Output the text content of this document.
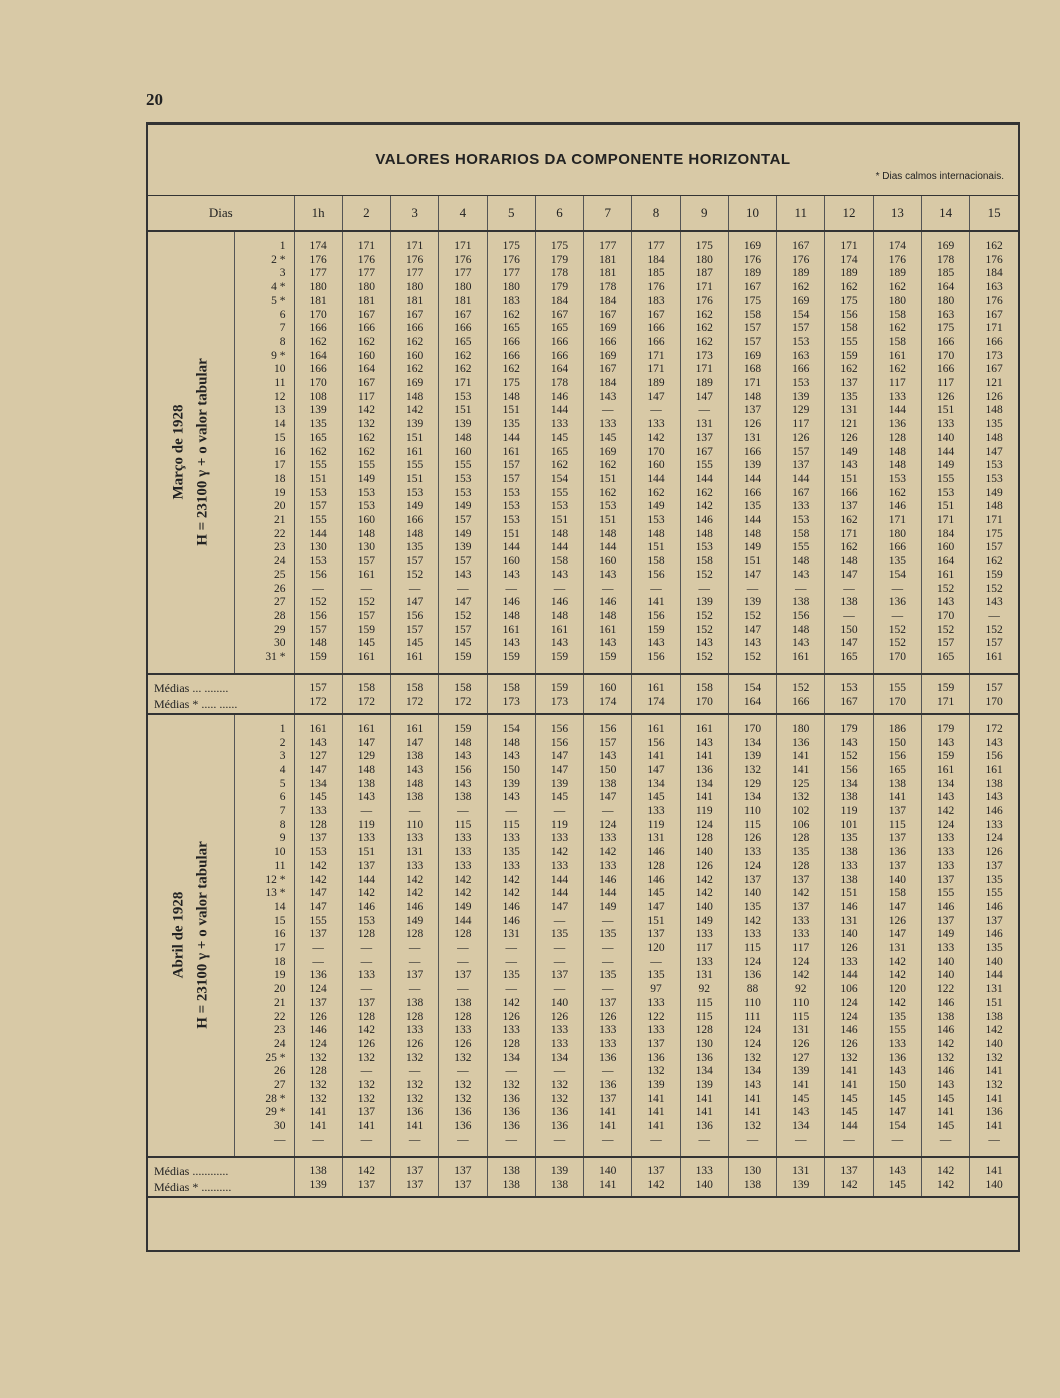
20
VALORES HORARIOS DA COMPONENTE HORIZONTAL
* Dias calmos internacionais.
Dias		1h	2	3	4	5	6	7	8	9	10	11	12	13	14	15

Março de 1928 H = 23100 γ + o valor tabular																

	1	174	171	171	171	175	175	177	177	175	169	167	171	174	169	162
	2 *	176	176	176	176	176	179	181	184	180	176	176	174	176	178	176
	3	177	177	177	177	177	178	181	185	187	189	189	189	189	185	184
	4 *	180	180	180	180	180	179	178	176	171	167	162	162	162	164	163
	5 *	181	181	181	181	183	184	184	183	176	175	169	175	180	180	176
	6	170	167	167	167	162	167	167	167	162	158	154	156	158	163	167
	7	166	166	166	166	165	165	169	166	162	157	157	158	162	175	171
	8	162	162	162	165	166	166	166	166	162	157	153	155	158	166	166
	9 *	164	160	160	162	166	166	169	171	173	169	163	159	161	170	173
	10	166	164	162	162	162	164	167	171	171	168	166	162	162	166	167
	11	170	167	169	171	175	178	184	189	189	171	153	137	117	117	121
	12	108	117	148	153	148	146	143	147	147	148	139	135	133	126	126
	13	139	142	142	151	151	144	—	—	—	137	129	131	144	151	148
	14	135	132	139	139	135	133	133	133	131	126	117	121	136	133	135
	15	165	162	151	148	144	145	145	142	137	131	126	126	128	140	148
	16	162	162	161	160	161	165	169	170	167	166	157	149	148	144	147
	17	155	155	155	155	157	162	162	160	155	139	137	143	148	149	153
	18	151	149	151	153	157	154	151	144	144	144	144	151	153	155	153
	19	153	153	153	153	153	155	162	162	162	166	167	166	162	153	149
	20	157	153	149	149	153	153	153	149	142	135	133	137	146	151	148
	21	155	160	166	157	153	151	151	153	146	144	153	162	171	171	171
	22	144	148	148	149	151	148	148	148	148	148	158	171	180	184	175
	23	130	130	135	139	144	144	144	151	153	149	155	162	166	160	157
	24	153	157	157	157	160	158	160	158	158	151	148	148	135	164	162
	25	156	161	152	143	143	143	143	156	152	147	143	147	154	161	159
	26	—	—	—	—	—	—	—	—	—	—	—	—	—	152	152
	27	152	152	147	147	146	146	146	141	139	139	138	138	136	143	143
	28	156	157	156	152	148	148	148	156	152	152	156	—	—	170	—
	29	157	159	157	157	161	161	161	159	152	147	148	150	152	152	152
	30	148	145	145	145	143	143	143	143	143	143	143	147	152	157	157
	31 *	159	161	161	159	159	159	159	156	152	152	161	165	170	165	161

Médias ... ........		157	158	158	158	158	159	160	161	158	154	152	153	155	159	157
Médias * ..... ......		172	172	172	172	173	173	174	174	170	164	166	167	170	171	170

Abril de 1928 H = 23100 γ + o valor tabular																

	1	161	161	161	159	154	156	156	161	161	170	180	179	186	179	172
	2	143	147	147	148	148	156	157	156	143	134	136	143	150	143	143
	3	127	129	138	143	143	147	143	141	141	139	141	152	156	159	156
	4	147	148	143	156	150	147	150	147	136	132	141	156	165	161	161
	5	134	138	148	143	139	139	138	134	134	129	125	134	138	134	138
	6	145	143	138	138	143	145	147	145	141	134	132	138	141	143	143
	7	133	—	—	—	—	—	—	133	119	110	102	119	137	142	146
	8	128	119	110	115	115	119	124	119	124	115	106	101	115	124	133
	9	137	133	133	133	133	133	133	131	128	126	128	135	137	133	124
	10	153	151	131	133	135	142	142	146	140	133	135	138	136	133	126
	11	142	137	133	133	133	133	133	128	126	124	128	133	137	133	137
	12 *	142	144	142	142	142	144	146	146	142	137	137	138	140	137	135
	13 *	147	142	142	142	142	144	144	145	142	140	142	151	158	155	155
	14	147	146	146	149	146	147	149	147	140	135	137	146	147	146	146
	15	155	153	149	144	146	—	—	151	149	142	133	131	126	137	137
	16	137	128	128	128	131	135	135	137	133	133	133	140	147	149	146
	17	—	—	—	—	—	—	—	120	117	115	117	126	131	133	135
	18	—	—	—	—	—	—	—	—	133	124	124	133	142	140	140
	19	136	133	137	137	135	137	135	135	131	136	142	144	142	140	144
	20	124	—	—	—	—	—	—	97	92	88	92	106	120	122	131
	21	137	137	138	138	142	140	137	133	115	110	110	124	142	146	151
	22	126	128	128	128	126	126	126	122	115	111	115	124	135	138	138
	23	146	142	133	133	133	133	133	133	128	124	131	146	155	146	142
	24	124	126	126	126	128	133	133	137	130	124	126	126	133	142	140
	25 *	132	132	132	132	134	134	136	136	136	132	127	132	136	132	132
	26	128	—	—	—	—	—	—	132	134	134	139	141	143	146	141
	27	132	132	132	132	132	132	136	139	139	143	141	141	150	143	132
	28 *	132	132	132	132	136	132	137	141	141	141	145	145	145	145	141
	29 *	141	137	136	136	136	136	141	141	141	141	143	145	147	141	136
	30	141	141	141	136	136	136	141	141	136	132	134	144	154	145	141
	—	—	—	—	—	—	—	—	—	—	—	—	—	—	—	—

Médias ............		138	142	137	137	138	139	140	137	133	130	131	137	143	142	141
Médias * ..........		139	137	137	137	138	138	141	142	140	138	139	142	145	142	140
